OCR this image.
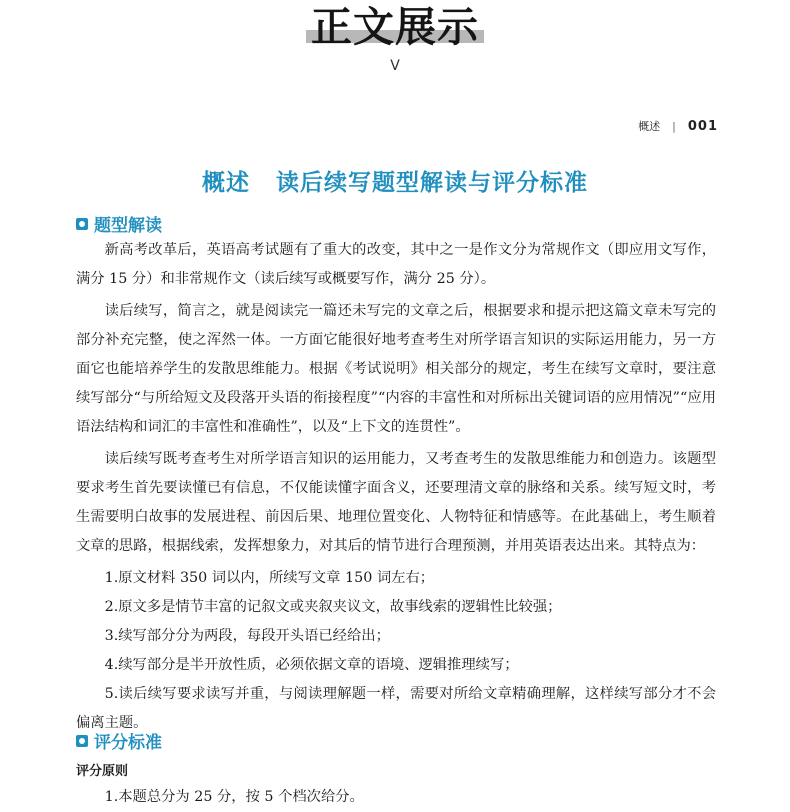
正文展示
V
概述 | 001
概述 读后续写题型解读与评分标准
题型解读

新高考改革后，英语高考试题有了重大的改变，其中之一是作文分为常规作文（即应用文写作，满分 15 分）和非常规作文（读后续写或概要写作，满分 25 分）。

读后续写，简言之，就是阅读完一篇还未写完的文章之后，根据要求和提示把这篇文章未写完的部分补充完整，使之浑然一体。一方面它能很好地考查考生对所学语言知识的实际运用能力，另一方面它也能培养学生的发散思维能力。根据《考试说明》相关部分的规定，考生在续写文章时，要注意续写部分“与所给短文及段落开头语的衔接程度”“内容的丰富性和对所标出关键词语的应用情况”“应用语法结构和词汇的丰富性和准确性”，以及“上下文的连贯性”。

读后续写既考查考生对所学语言知识的运用能力，又考查考生的发散思维能力和创造力。该题型要求考生首先要读懂已有信息，不仅能读懂字面含义，还要理清文章的脉络和关系。续写短文时，考生需要明白故事的发展进程、前因后果、地理位置变化、人物特征和情感等。在此基础上，考生顺着文章的思路，根据线索，发挥想象力，对其后的情节进行合理预测，并用英语表达出来。其特点为：

1.原文材料 350 词以内，所续写文章 150 词左右；
2.原文多是情节丰富的记叙文或夹叙夹议文，故事线索的逻辑性比较强；
3.续写部分分为两段，每段开头语已经给出；
4.续写部分是半开放性质，必须依据文章的语境、逻辑推理续写；
5.读后续写要求读写并重，与阅读理解题一样，需要对所给文章精确理解，这样续写部分才不会偏离主题。
评分标准
评分原则
1.本题总分为 25 分，按 5 个档次给分。
